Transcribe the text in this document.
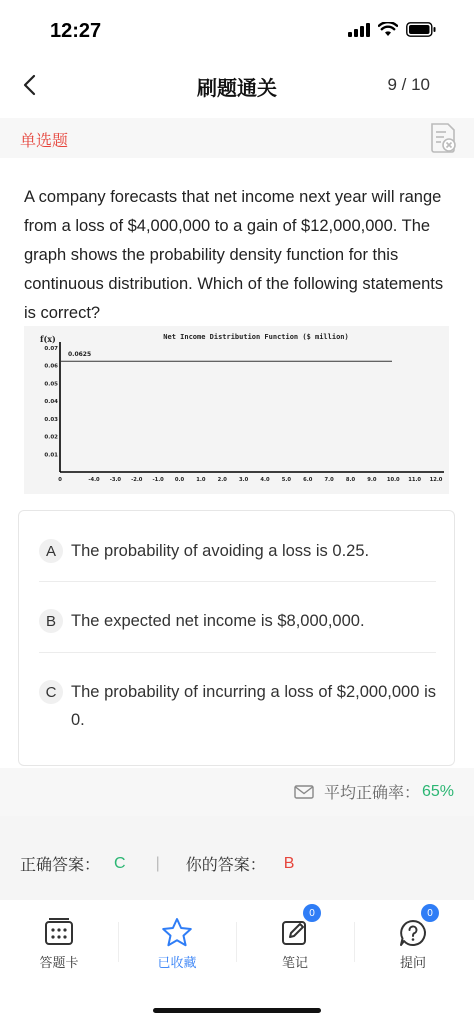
12:27
刷题通关	9 / 10
单选题
A company forecasts that net income next year will range from a loss of $4,000,000 to a gain of $12,000,000. The graph shows the probability density function for this continuous distribution. Which of the following statements is correct?
Net Income Distribution Function ($ million)
f(x)
0.07
0.06
0.05
0.04
0.03
0.02
0.01
0	-4.0 -3.0 -2.0 -1.0 0.0 1.0 2.0 3.0 4.0 5.0 6.0 7.0 8.0 9.0 10.0 11.0 12.0
0.0625
A The probability of avoiding a loss is 0.25.
B The expected net income is $8,000,000.
C The probability of incurring a loss of $2,000,000 is 0.
平均正确率： 65%
正确答案： C | 你的答案： B
答题卡	已收藏
0
笔记
0
提问
